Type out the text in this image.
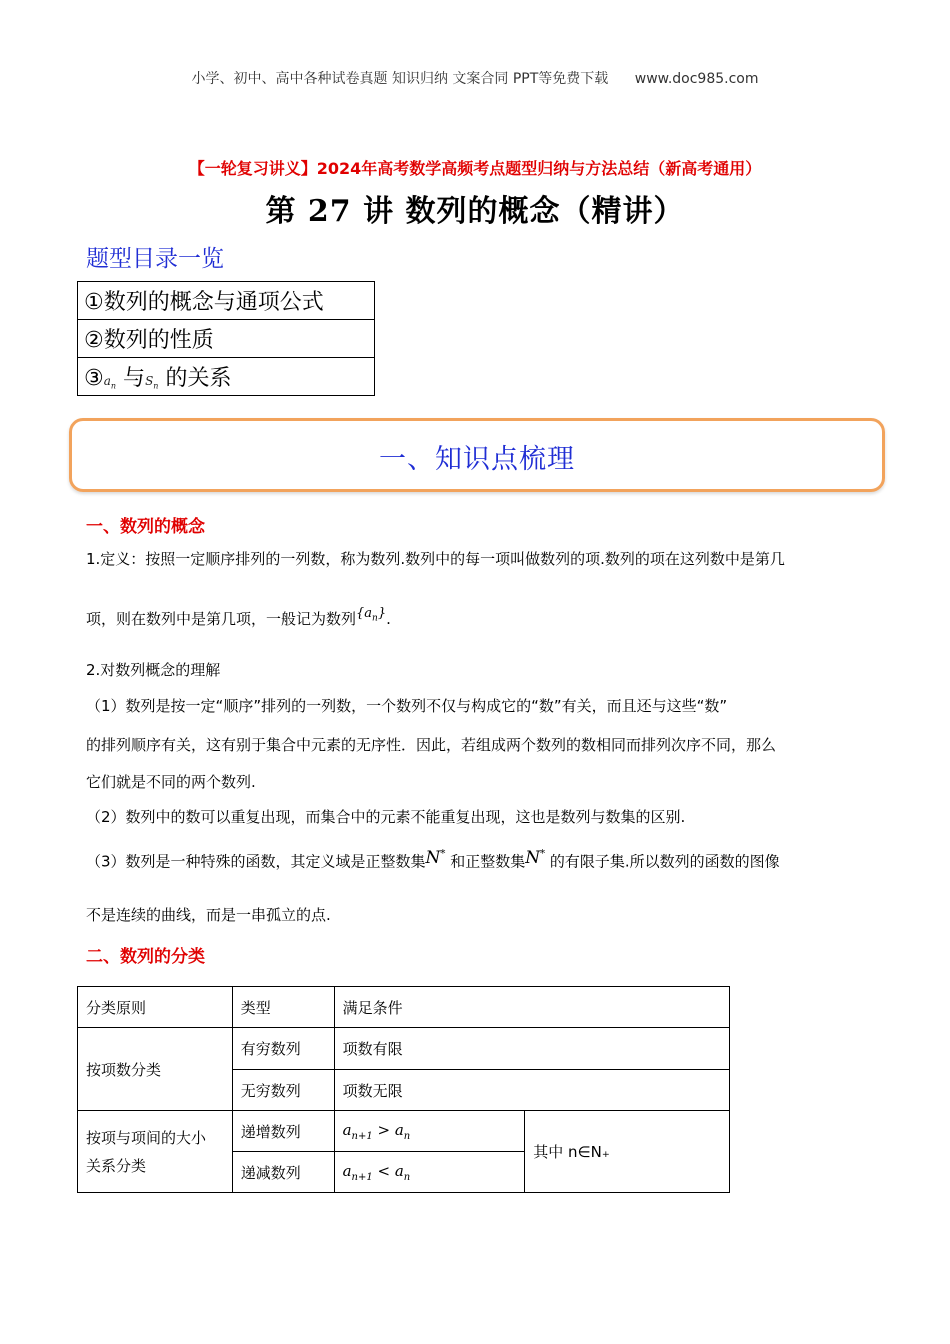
小学、初中、高中各种试卷真题 知识归纳 文案合同 PPT等免费下载 www.doc985.com
【一轮复习讲义】2024年高考数学高频考点题型归纳与方法总结（新高考通用）
第 27 讲 数列的概念（精讲）
题型目录一览
①数列的概念与通项公式
②数列的性质
$③a_n$ 与$S_n$ 的关系
一、知识点梳理
一、数列的概念
1.定义：按照一定顺序排列的一列数，称为数列.数列中的每一项叫做数列的项.数列的项在这列数中是第几
项，则在数列中是第几项，一般记为数列$\{a_n\}$.
2.对数列概念的理解
（1）数列是按一定“顺序”排列的一列数，一个数列不仅与构成它的“数”有关，而且还与这些“数”
的排列顺序有关，这有别于集合中元素的无序性．因此，若组成两个数列的数相同而排列次序不同，那么
它们就是不同的两个数列.
（2）数列中的数可以重复出现，而集合中的元素不能重复出现，这也是数列与数集的区别.
（3）数列是一种特殊的函数，其定义域是正整数集N* 和正整数集N* 的有限子集.所以数列的函数的图像
不是连续的曲线，而是一串孤立的点.
二、数列的分类
分类原则	类型	满足条件	
按项数分类	有穷数列	项数有限	
	无穷数列	项数无限	
按项与项间的大小
关系分类	递增数列	$a_{n+1} > a_n$	其中 n∈N₊
	递减数列	$a_{n+1} < a_n$
